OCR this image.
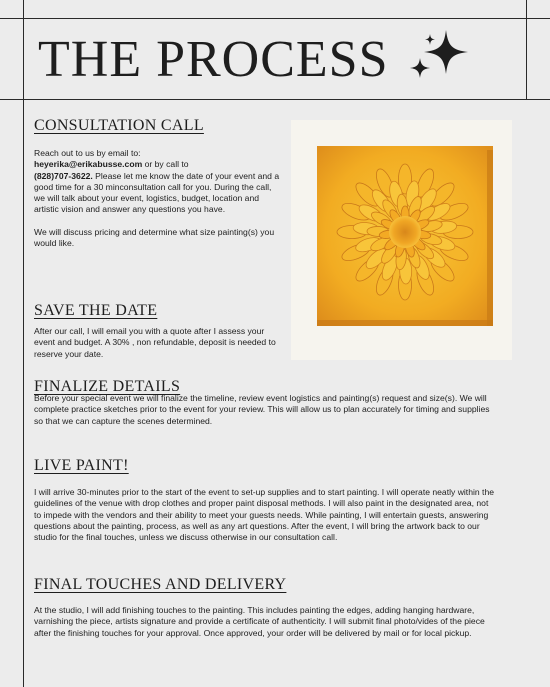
THE PROCESS
CONSULTATION CALL

Reach out to us by email to:
heyerika@erikabusse.com or by call to
(828)707-3622. Please let me know the date of your event and a good time for a 30 minconsultation call for you. During the call, we will talk about your event, logistics, budget, location and artistic vision and answer any questions you have.

We will discuss pricing and determine what size painting(s) you would like.

SAVE THE DATE

After our call, I will email you with a quote after I assess your event and budget. A 30% , non refundable, deposit is needed to reserve your date.

FINALIZE DETAILS

Before your special event we will finalize the timeline, review event logistics and painting(s) request and size(s). We will complete practice sketches prior to the event for your review. This will allow us to plan accurately for timing and supplies so that we can capture the scenes determined.

LIVE PAINT!

I will arrive 30-minutes prior to the start of the event to set-up supplies and to start painting. I will operate neatly within the guidelines of the venue with drop clothes and proper paint disposal methods. I will also paint in the designated area, not to impede with the vendors and their ability to meet your guests needs. While painting, I will entertain guests, answering questions about the painting, process, as well as any art questions. After the event, I will bring the artwork back to our studio for the final touches, unless we discuss otherwise in our consultation call.

FINAL TOUCHES AND DELIVERY

At the studio, I will add finishing touches to the painting. This includes painting the edges, adding hanging hardware, varnishing the piece, artists signature and provide a certificate of authenticity. I will submit final photo/vides of the piece after the finishing touches for your approval. Once approved, your order will be delivered by mail or for local pickup.
